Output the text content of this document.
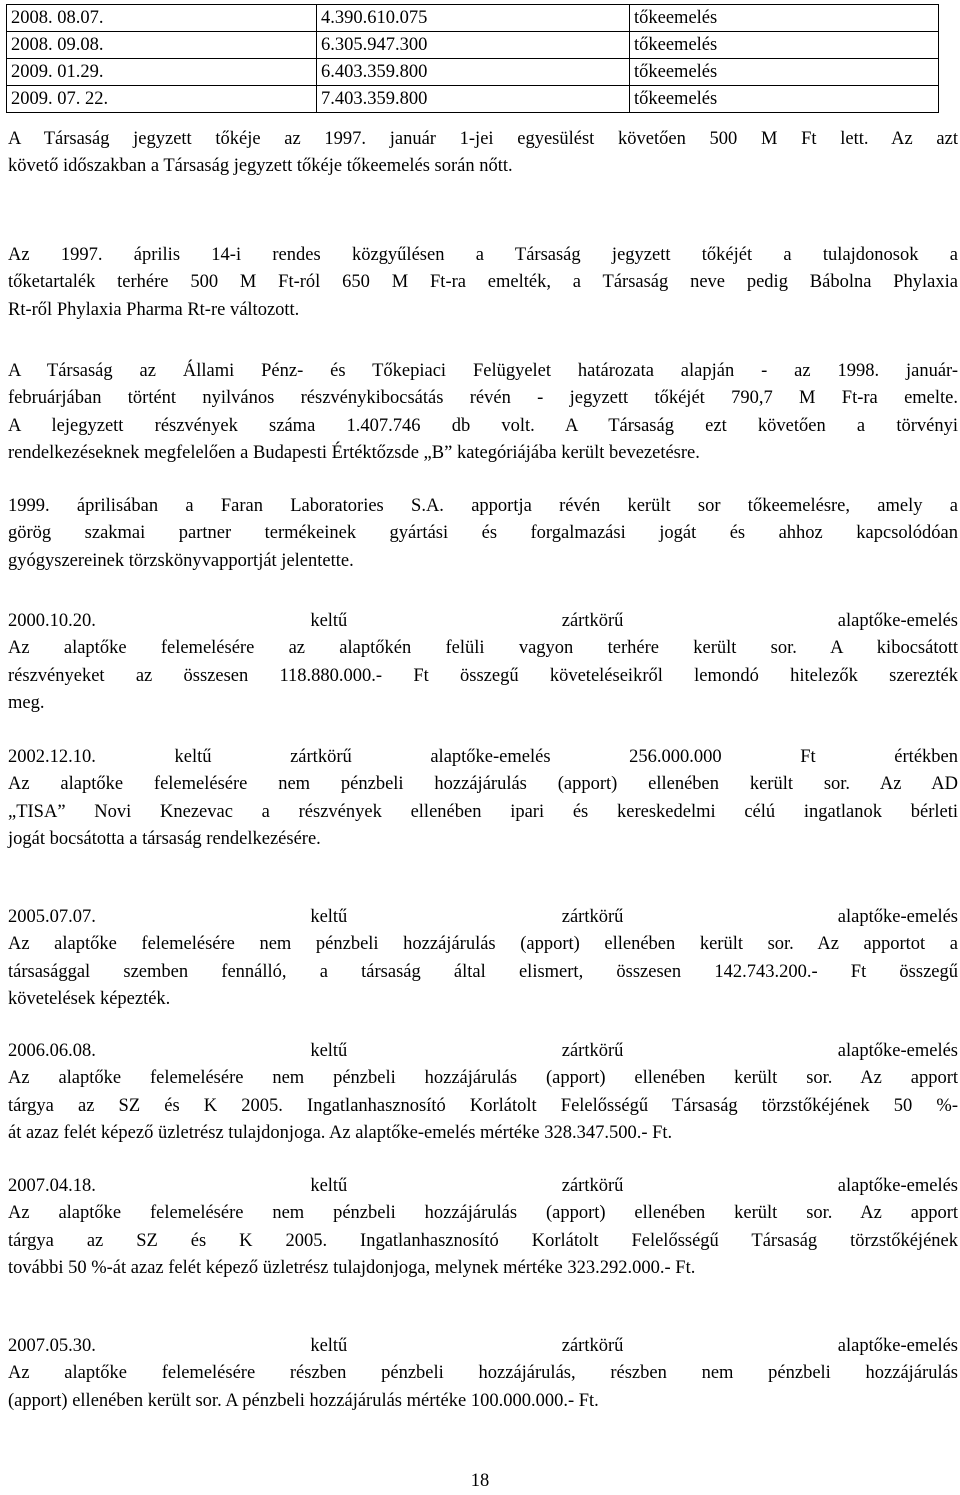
2008. 08.07.	4.390.610.075	tőkeemelés
2008. 09.08.	6.305.947.300	tőkeemelés
2009. 01.29.	6.403.359.800	tőkeemelés
2009. 07. 22.	7.403.359.800	tőkeemelés

A Társaság jegyzett tőkéje az 1997. január 1-jei egyesülést követően 500 M Ft lett. Az azt

követő időszakban a Társaság jegyzett tőkéje tőkeemelés során nőtt.

Az 1997. április 14-i rendes közgyűlésen a Társaság jegyzett tőkéjét a tulajdonosok a

tőketartalék terhére 500 M Ft-ról 650 M Ft-ra emelték, a Társaság neve pedig Bábolna Phylaxia

Rt-ről Phylaxia Pharma Rt-re változott.

A Társaság az Állami Pénz- és Tőkepiaci Felügyelet határozata alapján - az 1998. január-

februárjában történt nyilvános részvénykibocsátás révén - jegyzett tőkéjét 790,7 M Ft-ra emelte.

A lejegyzett részvények száma 1.407.746 db volt. A Társaság ezt követően a törvényi

rendelkezéseknek megfelelően a Budapesti Értéktőzsde „B” kategóriájába került bevezetésre.

1999. áprilisában a Faran Laboratories S.A. apportja révén került sor tőkeemelésre, amely a

görög szakmai partner termékeinek gyártási és forgalmazási jogát és ahhoz kapcsolódóan

gyógyszereinek törzskönyvapportját jelentette.

2000.10.20. keltű zártkörű alaptőke-emelés

Az alaptőke felemelésére az alaptőkén felüli vagyon terhére került sor. A kibocsátott

részvényeket az összesen 118.880.000.- Ft összegű követeléseikről lemondó hitelezők szerezték

meg.

2002.12.10. keltű zártkörű alaptőke-emelés 256.000.000 Ft értékben

Az alaptőke felemelésére nem pénzbeli hozzájárulás (apport) ellenében került sor. Az AD

„TISA” Novi Knezevac a részvények ellenében ipari és kereskedelmi célú ingatlanok bérleti

jogát bocsátotta a társaság rendelkezésére.

2005.07.07. keltű zártkörű alaptőke-emelés

Az alaptőke felemelésére nem pénzbeli hozzájárulás (apport) ellenében került sor. Az apportot a

társasággal szemben fennálló, a társaság által elismert, összesen 142.743.200.- Ft összegű

követelések képezték.

2006.06.08. keltű zártkörű alaptőke-emelés

Az alaptőke felemelésére nem pénzbeli hozzájárulás (apport) ellenében került sor. Az apport

tárgya az SZ és K 2005. Ingatlanhasznosító Korlátolt Felelősségű Társaság törzstőkéjének 50 %-

át azaz felét képező üzletrész tulajdonjoga. Az alaptőke-emelés mértéke 328.347.500.- Ft.

2007.04.18. keltű zártkörű alaptőke-emelés

Az alaptőke felemelésére nem pénzbeli hozzájárulás (apport) ellenében került sor. Az apport

tárgya az SZ és K 2005. Ingatlanhasznosító Korlátolt Felelősségű Társaság törzstőkéjének

további 50 %-át azaz felét képező üzletrész tulajdonjoga, melynek mértéke 323.292.000.- Ft.

2007.05.30. keltű zártkörű alaptőke-emelés

Az alaptőke felemelésére részben pénzbeli hozzájárulás, részben nem pénzbeli hozzájárulás

(apport) ellenében került sor. A pénzbeli hozzájárulás mértéke 100.000.000.- Ft.

18
